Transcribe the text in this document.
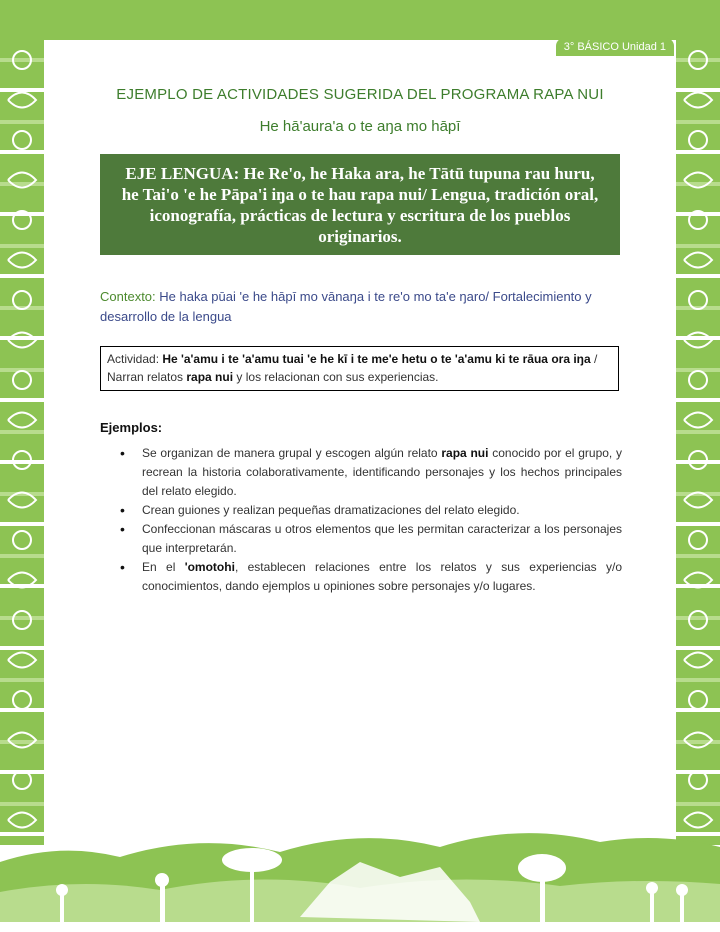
3° BÁSICO Unidad 1
EJEMPLO DE ACTIVIDADES SUGERIDA DEL PROGRAMA RAPA NUI
He hā'aura'a o te aŋa mo hāpī
EJE LENGUA: He Re'o, he Haka ara, he Tātū tupuna rau huru, he Tai'o 'e he Pāpa'i iŋa o te hau rapa nui/ Lengua, tradición oral, iconografía, prácticas de lectura y escritura de los pueblos originarios.
Contexto: He haka pūai 'e he hāpī mo vānaŋa i te re'o mo ta'e ŋaro/ Fortalecimiento y desarrollo de la lengua
Actividad: He 'a'amu i te 'a'amu tuai 'e he kī i te me'e hetu o te 'a'amu ki te rāua ora iŋa / Narran relatos rapa nui y los relacionan con sus experiencias.
Ejemplos:
• Se organizan de manera grupal y escogen algún relato rapa nui conocido por el grupo, y recrean la historia colaborativamente, identificando personajes y los hechos principales del relato elegido.
• Crean guiones y realizan pequeñas dramatizaciones del relato elegido.
• Confeccionan máscaras u otros elementos que les permitan caracterizar a los personajes que interpretarán.
• En el 'omotohi, establecen relaciones entre los relatos y sus experiencias y/o conocimientos, dando ejemplos u opiniones sobre personajes y/o lugares.
